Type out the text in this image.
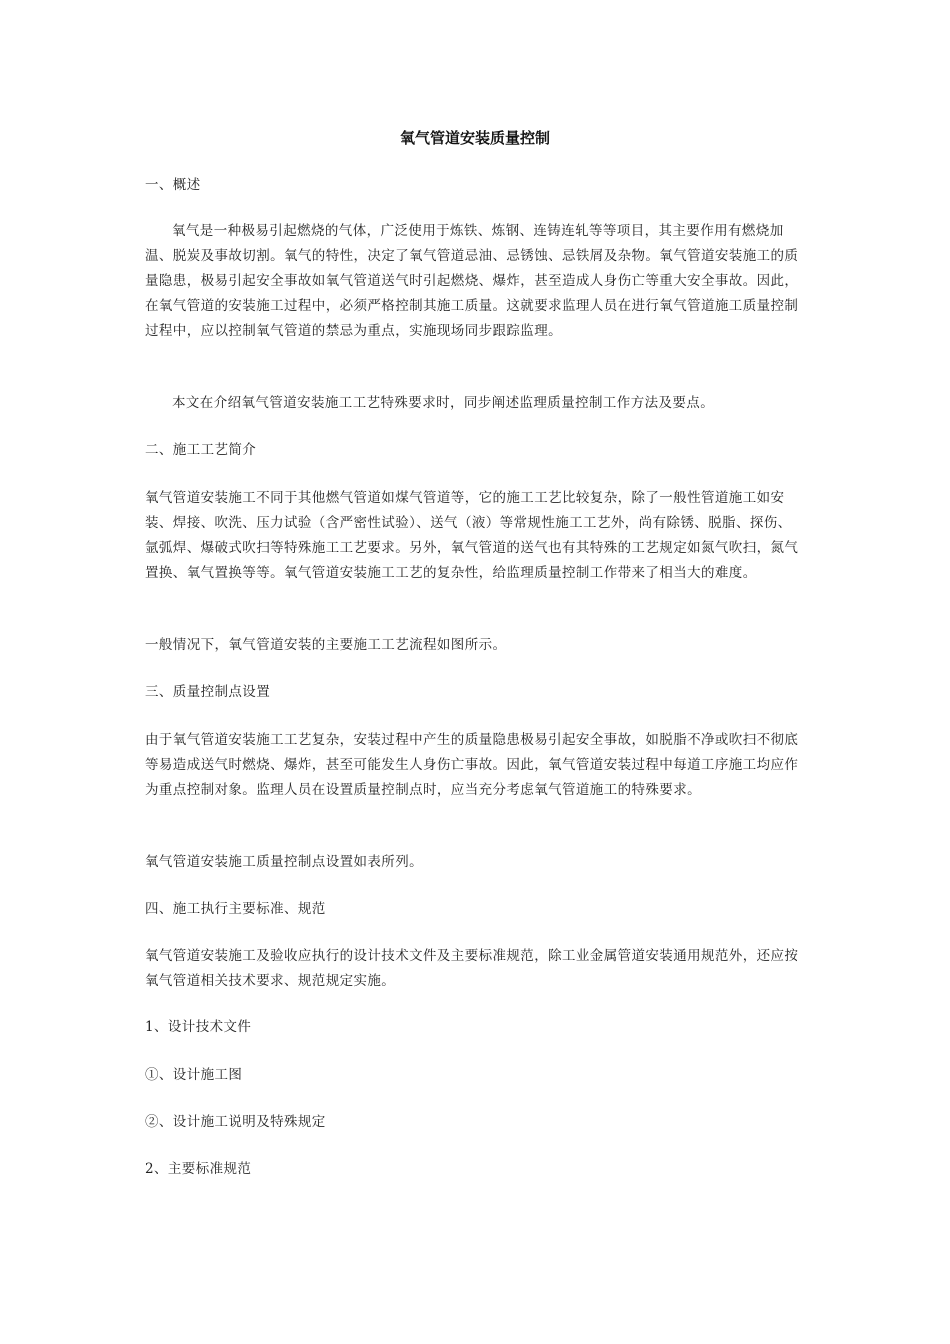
氧气管道安装质量控制
一、概述
氧气是一种极易引起燃烧的气体，广泛使用于炼铁、炼钢、连铸连轧等等项目，其主要作用有燃烧加温、脱炭及事故切割。氧气的特性，决定了氧气管道忌油、忌锈蚀、忌铁屑及杂物。氧气管道安装施工的质量隐患，极易引起安全事故如氧气管道送气时引起燃烧、爆炸，甚至造成人身伤亡等重大安全事故。因此，在氧气管道的安装施工过程中，必须严格控制其施工质量。这就要求监理人员在进行氧气管道施工质量控制过程中，应以控制氧气管道的禁忌为重点，实施现场同步跟踪监理。
本文在介绍氧气管道安装施工工艺特殊要求时，同步阐述监理质量控制工作方法及要点。
二、施工工艺简介
氧气管道安装施工不同于其他燃气管道如煤气管道等，它的施工工艺比较复杂，除了一般性管道施工如安装、焊接、吹洗、压力试验（含严密性试验）、送气（液）等常规性施工工艺外，尚有除锈、脱脂、探伤、氩弧焊、爆破式吹扫等特殊施工工艺要求。另外，氧气管道的送气也有其特殊的工艺规定如氮气吹扫，氮气置换、氧气置换等等。氧气管道安装施工工艺的复杂性，给监理质量控制工作带来了相当大的难度。
一般情况下，氧气管道安装的主要施工工艺流程如图所示。
三、质量控制点设置
由于氧气管道安装施工工艺复杂，安装过程中产生的质量隐患极易引起安全事故，如脱脂不净或吹扫不彻底等易造成送气时燃烧、爆炸，甚至可能发生人身伤亡事故。因此，氧气管道安装过程中每道工序施工均应作为重点控制对象。监理人员在设置质量控制点时，应当充分考虑氧气管道施工的特殊要求。
氧气管道安装施工质量控制点设置如表所列。
四、施工执行主要标准、规范
氧气管道安装施工及验收应执行的设计技术文件及主要标准规范，除工业金属管道安装通用规范外，还应按氧气管道相关技术要求、规范规定实施。
1、设计技术文件
①、设计施工图
②、设计施工说明及特殊规定
2、主要标准规范
